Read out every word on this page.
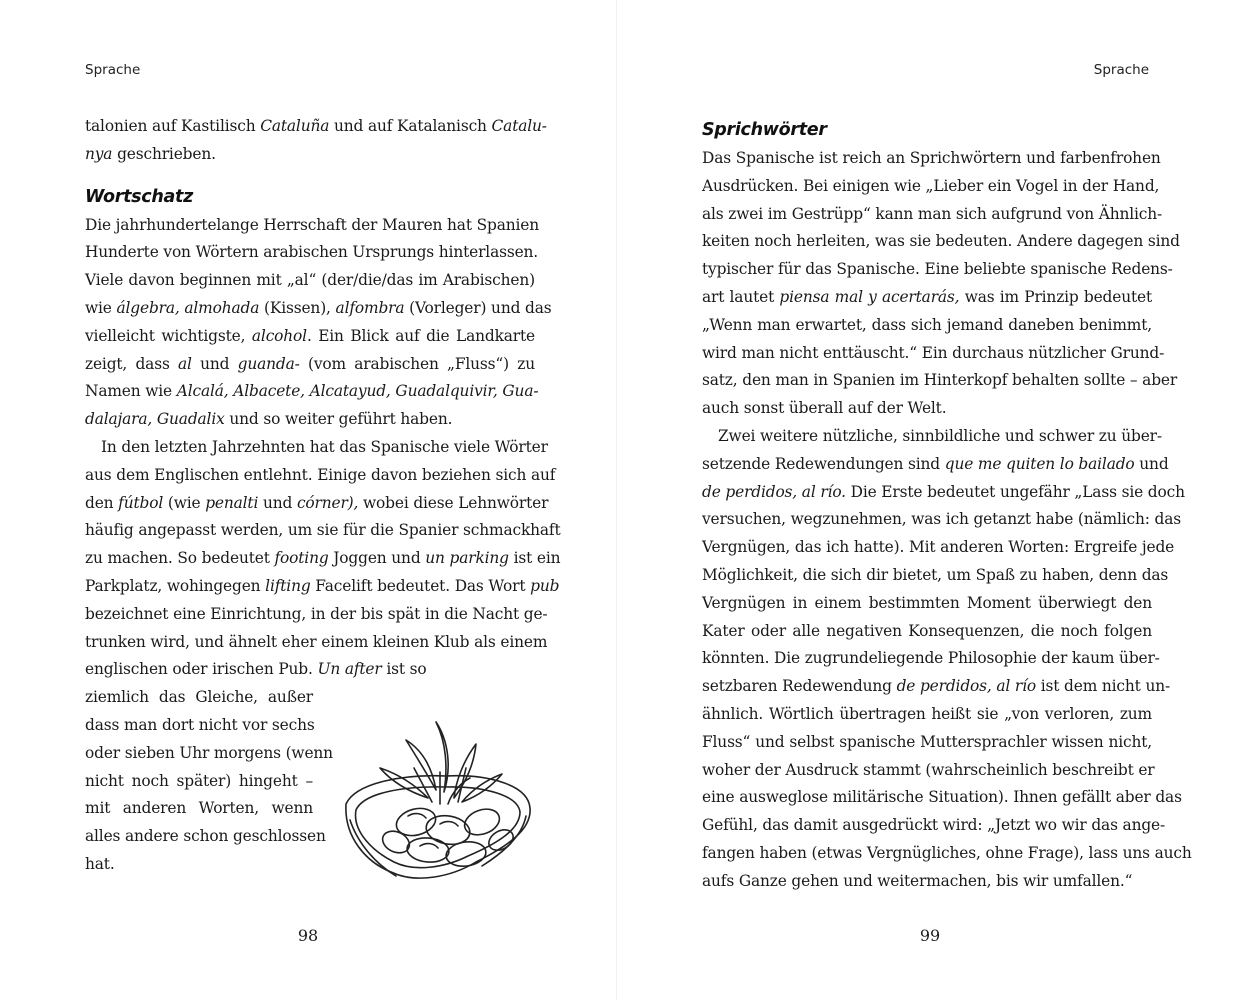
Sprache
talonien auf Kastilisch Cataluña und auf Katalanisch Catalu-
nya geschrieben.
Wortschatz
Die jahrhundertelange Herrschaft der Mauren hat Spanien
Hunderte von Wörtern arabischen Ursprungs hinterlassen.
Viele davon beginnen mit „al“ (der/die/das im Arabischen)
wie álgebra, almohada (Kissen), alfombra (Vorleger) und das
vielleicht wichtigste, alcohol. Ein Blick auf die Landkarte
zeigt, dass al und guanda- (vom arabischen „Fluss“) zu
Namen wie Alcalá, Albacete, Alcatayud, Guadalquivir, Gua-
dalajara, Guadalix und so weiter geführt haben.
In den letzten Jahrzehnten hat das Spanische viele Wörter
aus dem Englischen entlehnt. Einige davon beziehen sich auf
den fútbol (wie penalti und córner), wobei diese Lehnwörter
häufig angepasst werden, um sie für die Spanier schmackhaft
zu machen. So bedeutet footing Joggen und un parking ist ein
Parkplatz, wohingegen lifting Facelift bedeutet. Das Wort pub
bezeichnet eine Einrichtung, in der bis spät in die Nacht ge-
trunken wird, und ähnelt eher einem kleinen Klub als einem
englischen oder irischen Pub. Un after ist so
ziemlich das Gleiche, außer
dass man dort nicht vor sechs
oder sieben Uhr morgens (wenn
nicht noch später) hingeht –
mit anderen Worten, wenn
alles andere schon geschlossen
hat.
98
Sprache
Sprichwörter
Das Spanische ist reich an Sprichwörtern und farbenfrohen
Ausdrücken. Bei einigen wie „Lieber ein Vogel in der Hand,
als zwei im Gestrüpp“ kann man sich aufgrund von Ähnlich-
keiten noch herleiten, was sie bedeuten. Andere dagegen sind
typischer für das Spanische. Eine beliebte spanische Redens-
art lautet piensa mal y acertarás, was im Prinzip bedeutet
„Wenn man erwartet, dass sich jemand daneben benimmt,
wird man nicht enttäuscht.“ Ein durchaus nützlicher Grund-
satz, den man in Spanien im Hinterkopf behalten sollte – aber
auch sonst überall auf der Welt.
Zwei weitere nützliche, sinnbildliche und schwer zu über-
setzende Redewendungen sind que me quiten lo bailado und
de perdidos, al río. Die Erste bedeutet ungefähr „Lass sie doch
versuchen, wegzunehmen, was ich getanzt habe (nämlich: das
Vergnügen, das ich hatte). Mit anderen Worten: Ergreife jede
Möglichkeit, die sich dir bietet, um Spaß zu haben, denn das
Vergnügen in einem bestimmten Moment überwiegt den
Kater oder alle negativen Konsequenzen, die noch folgen
könnten. Die zugrundeliegende Philosophie der kaum über-
setzbaren Redewendung de perdidos, al río ist dem nicht un-
ähnlich. Wörtlich übertragen heißt sie „von verloren, zum
Fluss“ und selbst spanische Muttersprachler wissen nicht,
woher der Ausdruck stammt (wahrscheinlich beschreibt er
eine ausweglose militärische Situation). Ihnen gefällt aber das
Gefühl, das damit ausgedrückt wird: „Jetzt wo wir das ange-
fangen haben (etwas Vergnügliches, ohne Frage), lass uns auch
aufs Ganze gehen und weitermachen, bis wir umfallen.“
99
